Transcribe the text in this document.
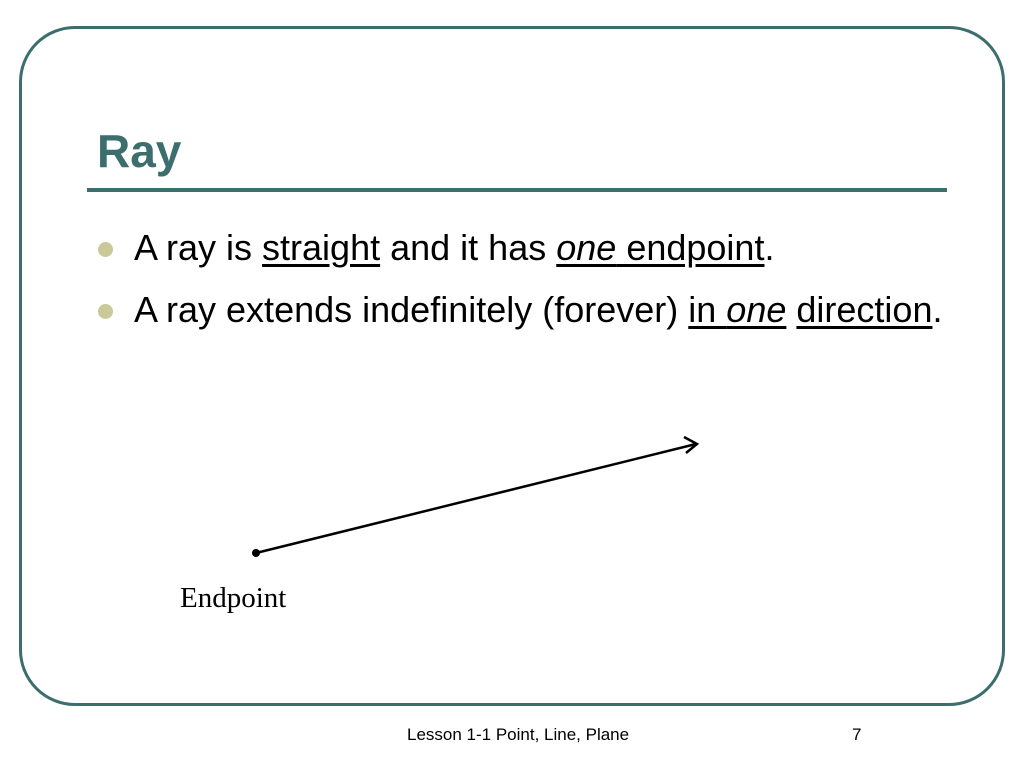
Ray
A ray is straight and it has one endpoint.
A ray extends indefinitely (forever) in one direction.
Endpoint
Lesson 1-1 Point, Line, Plane	7
